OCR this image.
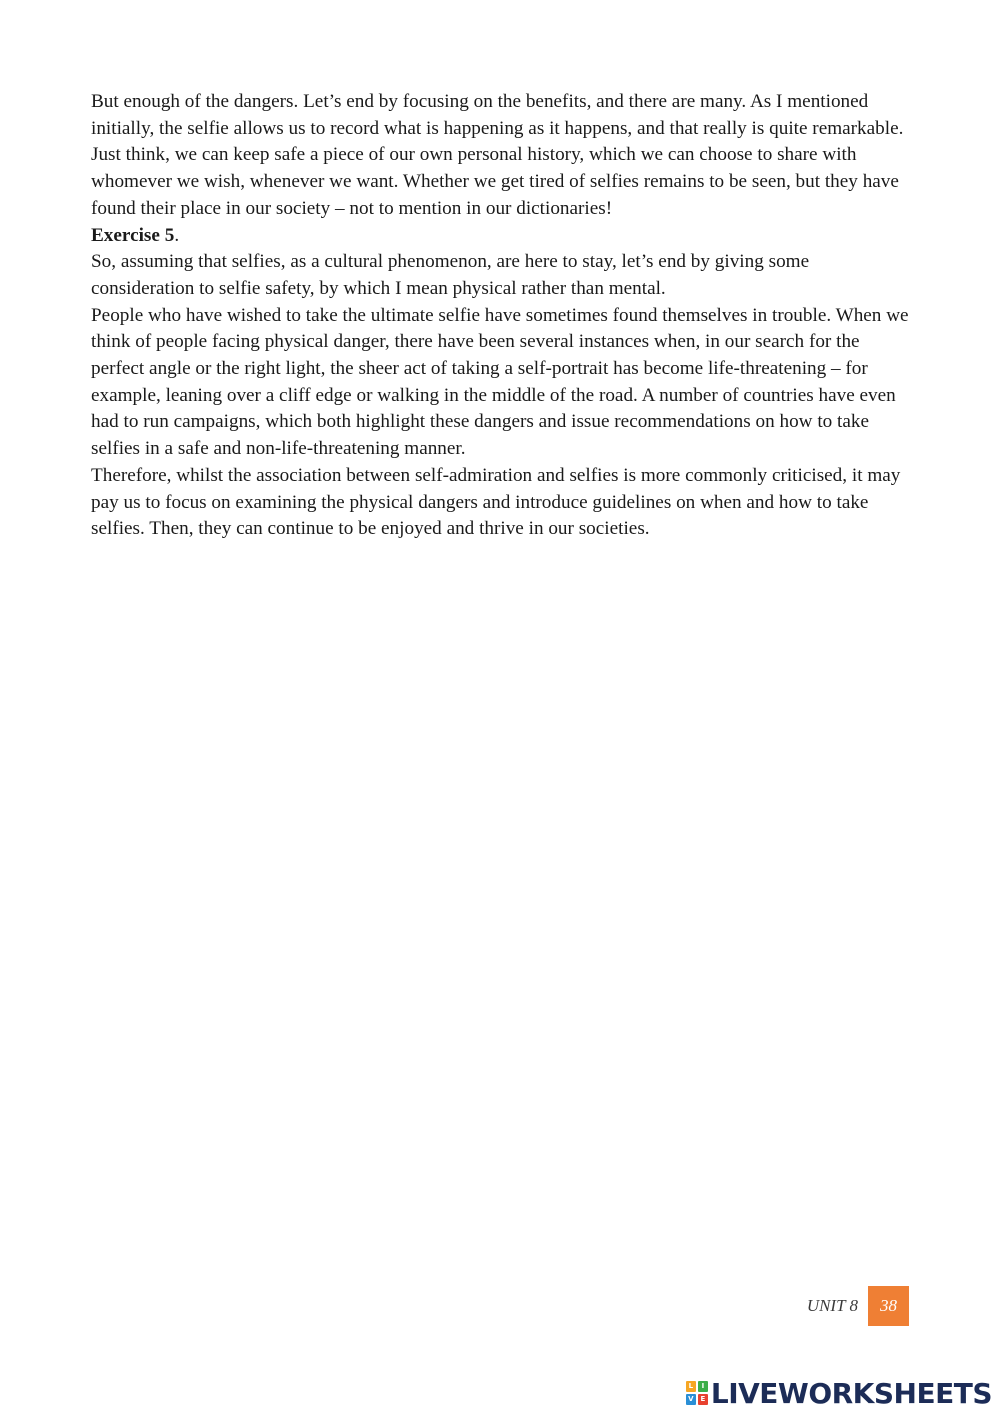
But enough of the dangers. Let’s end by focusing on the benefits, and there are many. As I mentioned initially, the selfie allows us to record what is happening as it happens, and that really is quite remarkable. Just think, we can keep safe a piece of our own personal history, which we can choose to share with whomever we wish, whenever we want. Whether we get tired of selfies remains to be seen, but they have found their place in our society – not to mention in our dictionaries!

Exercise 5.

So, assuming that selfies, as a cultural phenomenon, are here to stay, let’s end by giving some consideration to selfie safety, by which I mean physical rather than mental.

People who have wished to take the ultimate selfie have sometimes found themselves in trouble. When we think of people facing physical danger, there have been several instances when, in our search for the perfect angle or the right light, the sheer act of taking a self-portrait has become life-threatening – for example, leaning over a cliff edge or walking in the middle of the road. A number of countries have even had to run campaigns, which both highlight these dangers and issue recommendations on how to take selfies in a safe and non-life-threatening manner.

Therefore, whilst the association between self-admiration and selfies is more commonly criticised, it may pay us to focus on examining the physical dangers and introduce guidelines on when and how to take selfies. Then, they can continue to be enjoyed and thrive in our societies.

UNIT 8	38
L	I
V E LIVEWORKSHEETS
